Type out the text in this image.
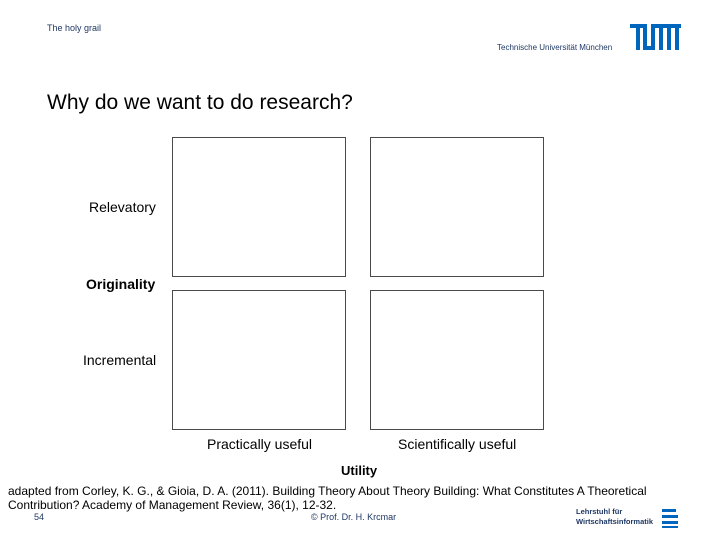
The holy grail
Technische Universität München
Why do we want to do research?
Relevatory
Originality
Incremental
Practically useful	Scientifically useful
Utility
adapted from Corley, K. G., & Gioia, D. A. (2011). Building Theory About Theory Building: What Constitutes A Theoretical Contribution? Academy of Management Review, 36(1), 12-32.
54	© Prof. Dr. H. Krcmar
Lehrstuhl für
Wirtschaftsinformatik
